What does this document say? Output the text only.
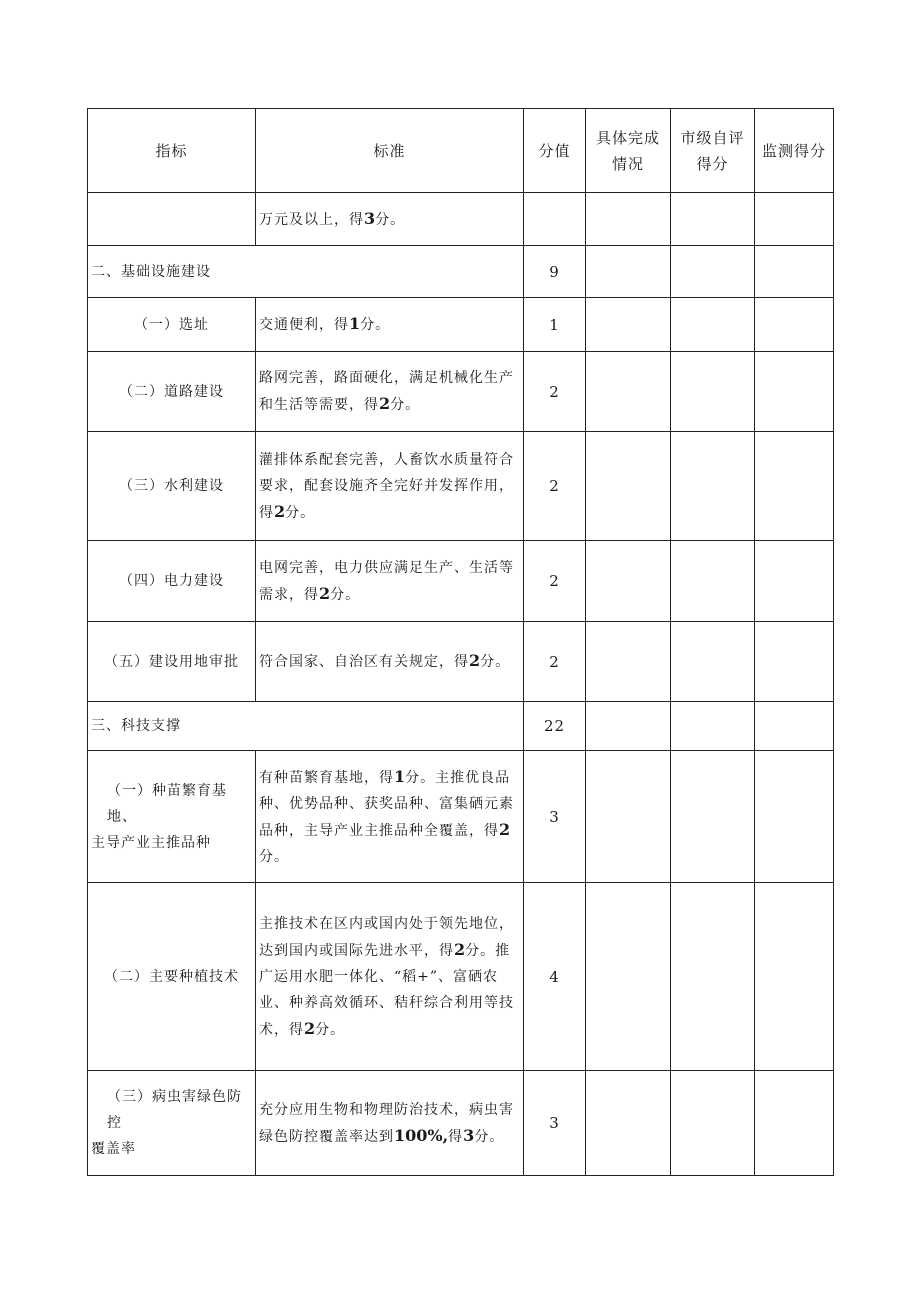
指标	标准	分值	具体完成情况	市级自评得分	监测得分
	万元及以上，得3分。				
二、基础设施建设		9			
（一）选址	交通便利，得1分。	1			
（二）道路建设	路网完善，路面硬化，满足机械化生产和生活等需要，得2分。	2			
（三）水利建设	灌排体系配套完善，人畜饮水质量符合要求，配套设施齐全完好并发挥作用，得2分。	2			
（四）电力建设	电网完善，电力供应满足生产、生活等需求，得2分。	2			
（五）建设用地审批	符合国家、自治区有关规定，得2分。	2			
三、科技支撑		22			

（一）种苗繁育基地、
主导产业主推品种	有种苗繁育基地，得1分。主推优良品种、优势品种、获奖品种、富集硒元素品种，主导产业主推品种全覆盖，得2分。	3			
（二）主要种植技术	主推技术在区内或国内处于领先地位，达到国内或国际先进水平，得2分。推广运用水肥一体化、“稻+”、富硒农业、种养高效循环、秸秆综合利用等技术，得2分。	4			

（三）病虫害绿色防控
覆盖率	充分应用生物和物理防治技术，病虫害绿色防控覆盖率达到100%,得3分。	3			
